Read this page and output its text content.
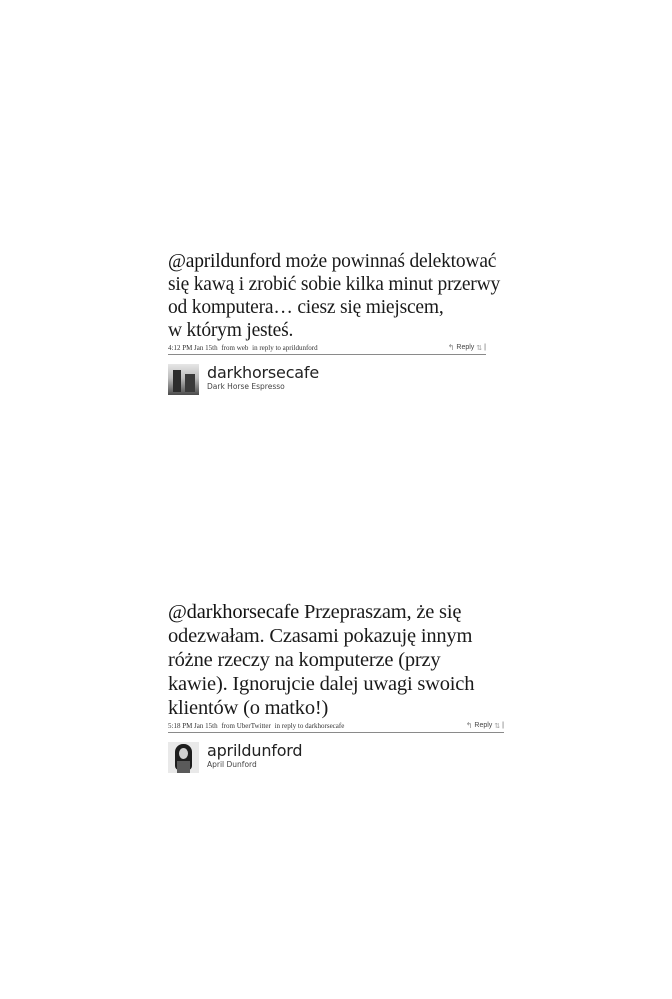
@aprildunford może powinnaś delektować
się kawą i zrobić sobie kilka minut przerwy
od komputera… ciesz się miejscem,
w którym jesteś.

4:12 PM Jan 15th from web in reply to aprildunford	↰ Reply ⇅ |
darkhorsecafe
Dark Horse Espresso

@darkhorsecafe Przepraszam, że się
odezwałam. Czasami pokazuję innym
różne rzeczy na komputerze (przy
kawie). Ignorujcie dalej uwagi swoich
klientów (o matko!)

5:18 PM Jan 15th from UberTwitter in reply to darkhorsecafe	↰ Reply ⇅ |
aprildunford
April Dunford
